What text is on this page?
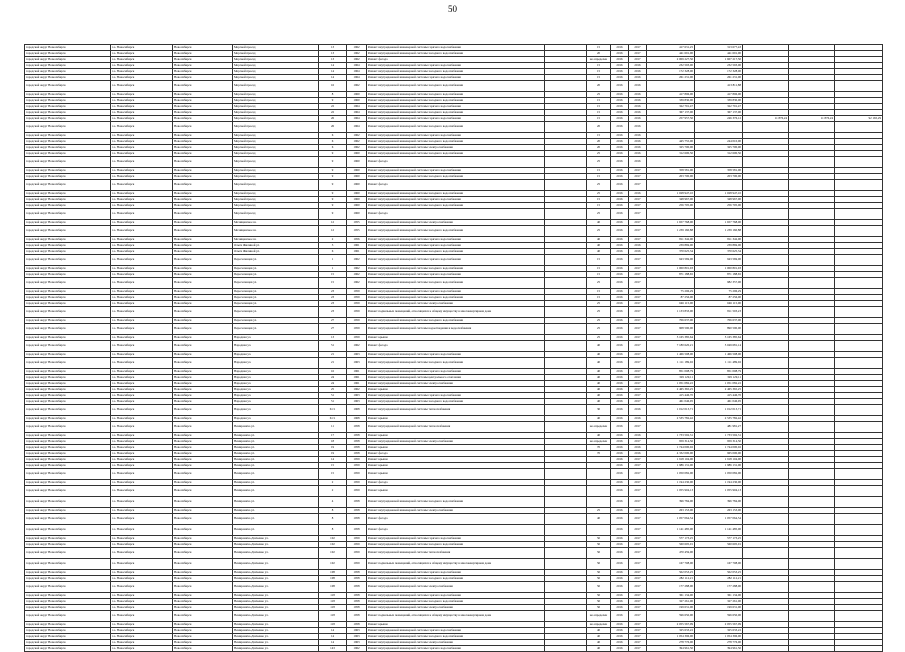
50
городской округ Новосибирск	г.о. Новосибирск	Новосибирск	Морской проезд	13	1962	Ремонт внутридомовой инженерной системы горячего водоснабжения		15	2016	2017	417 631,25	313 677,43			
городской округ Новосибирск	г.о. Новосибирск	Новосибирск	Морской проезд	13	1962	Ремонт внутридомовой инженерной системы холодного водоснабжения		20	2016	2017	441 691,00	441 691,00			
городской округ Новосибирск	г.о. Новосибирск	Новосибирск	Морской проезд	13	1962	Ремонт фасада		не определен	2016	2017	2 009 227,50	1 607 217,50			
городской округ Новосибирск	г.о. Новосибирск	Новосибирск	Морской проезд	14	1964	Ремонт внутридомовой инженерной системы горячего водоснабжения		15	2016	2016	232 593,00	232 593,00			
городской округ Новосибирск	г.о. Новосибирск	Новосибирск	Морской проезд	14	1964	Ремонт внутридомовой инженерной системы холодного водоснабжения		15	2016	2016	172 328,00	172 328,00			
городской округ Новосибирск	г.о. Новосибирск	Новосибирск	Морской проезд	14	1964	Ремонт внутридомовой инженерной системы горячего водоснабжения		15	2016	2016	261 231,00	261 231,00			
городской округ Новосибирск	г.о. Новосибирск	Новосибирск	Морской проезд	16	1962	Ремонт внутридомовой инженерной системы холодного водоснабжения		20	2016	2016		413 811,88			
городской округ Новосибирск	г.о. Новосибирск	Новосибирск	Морской проезд	8	1960	Ремонт внутридомовой инженерной системы холодного водоснабжения		25	2016	2016	417 896,00	417 896,00			
городской округ Новосибирск	г.о. Новосибирск	Новосибирск	Морской проезд	9	1960	Ремонт внутридомовой инженерной системы холодного водоснабжения		15	2016	2016	339 830,00	339 830,00			
городской округ Новосибирск	г.о. Новосибирск	Новосибирск	Морской проезд	22	1964	Ремонт внутридомовой инженерной системы горячего водоснабжения		15	2016	2016	322 791,47	322 791,47			
городской округ Новосибирск	г.о. Новосибирск	Новосибирск	Морской проезд	22	1964	Ремонт внутридомовой инженерной системы холодного водоснабжения		15	2016	2016	367 137,00	367 137,00			
городской округ Новосибирск	г.о. Новосибирск	Новосибирск	Морской проезд	26	1964	Ремонт внутридомовой инженерной системы горячего водоснабжения		15	2016	2016	257 957,50	246 376,12	11 876,24	11 876,24	92 165,29
городской округ Новосибирск	г.о. Новосибирск	Новосибирск	Морской проезд	26	1964	Ремонт внутридомовой инженерной системы холодного водоснабжения		20	2016	2016					
городской округ Новосибирск	г.о. Новосибирск	Новосибирск	Морской проезд	6	1962	Ремонт внутридомовой инженерной системы горячего водоснабжения		15	2016	2016					
городской округ Новосибирск	г.о. Новосибирск	Новосибирск	Морской проезд	6	1962	Ремонт внутридомовой инженерной системы холодного водоснабжения		20	2016	2016	445 755,00	244 010,00			
городской округ Новосибирск	г.о. Новосибирск	Новосибирск	Морской проезд	6	1962	Ремонт внутридомовой инженерной системы электроснабжения		20	2016	2016	325 700,00	325 700,00			
городской округ Новосибирск	г.о. Новосибирск	Новосибирск	Морской проезд	9	1960	Ремонт внутридомовой инженерной системы холодного водоснабжения		25	2016	2016	312 600,50	312 600,50			
городской округ Новосибирск	г.о. Новосибирск	Новосибирск	Морской проезд	9	1960	Ремонт фасада		25	2016	2016					
городской округ Новосибирск	г.о. Новосибирск	Новосибирск	Морской проезд	9	1960	Ремонт внутридомовой инженерной системы горячего водоснабжения		15	2016	2017	358 581,00	358 581,00			
городской округ Новосибирск	г.о. Новосибирск	Новосибирск	Морской проезд	9	1960	Ремонт внутридомовой инженерной системы холодного водоснабжения		15	2016	2017	203 700,00	203 700,00			
городской округ Новосибирск	г.о. Новосибирск	Новосибирск	Морской проезд	9	1960	Ремонт фасада		25	2016	2017					
городской округ Новосибирск	г.о. Новосибирск	Новосибирск	Морской проезд	9	1960	Ремонт внутридомовой инженерной системы холодного водоснабжения		25	2016	2016	1 028 947,10	1 028 947,10			
городской округ Новосибирск	г.о. Новосибирск	Новосибирск	Морской проезд	9	1960	Ремонт внутридомовой инженерной системы горячего водоснабжения		15	2016	2017	348 967,00	348 967,00			
городской округ Новосибирск	г.о. Новосибирск	Новосибирск	Морской проезд	9	1960	Ремонт внутридомовой инженерной системы холодного водоснабжения		15	2016	2017	256 705,00	256 705,00			
городской округ Новосибирск	г.о. Новосибирск	Новосибирск	Морской проезд	9	1960	Ремонт фасада		25	2016	2017					
городской округ Новосибирск	г.о. Новосибирск	Новосибирск	Мочищенское ш.	12	1955	Ремонт внутридомовой инженерной системы электроснабжения		40	2016	2017	1 657 768,00	1 657 768,00			
городской округ Новосибирск	г.о. Новосибирск	Новосибирск	Мочищенское ш.	12	1955	Ремонт внутридомовой инженерной системы холодного водоснабжения		25	2016	2017	1 239 160,88	1 239 160,88			
городской округ Новосибирск	г.о. Новосибирск	Новосибирск	Мочищенское ш.	2	1956	Ремонт внутридомовой инженерной системы горячего водоснабжения		40	2016	2017	811 342,00	811 342,00			
городской округ Новосибирск	г.о. Новосибирск	Новосибирск	Ольги Жилиной ул.	3	1961	Ремонт внутридомовой инженерной системы горячего водоснабжения		40	2016	2016	239 869,00	239 869,00			
городской округ Новосибирск	г.о. Новосибирск	Новосибирск	Ольги Жилиной ул.	6	1961	Ремонт внутридомовой инженерной системы холодного водоснабжения		40	2016	2016	370 625,34	370 625,34			
городской округ Новосибирск	г.о. Новосибирск	Новосибирск	Переселенцев ул.	1	1962	Ремонт внутридомовой инженерной системы горячего водоснабжения		15	2016	2017	943 569,00	943 569,00			
городской округ Новосибирск	г.о. Новосибирск	Новосибирск	Переселенцев ул.	1	1962	Ремонт внутридомовой инженерной системы холодного водоснабжения		15	2016	2017	1 000 801,93	1 000 801,93			
городской округ Новосибирск	г.о. Новосибирск	Новосибирск	Переселенцев ул.	15	1962	Ремонт внутридомовой инженерной системы горячего водоснабжения		15	2016	2017	871 188,65	871 188,65			
городской округ Новосибирск	г.о. Новосибирск	Новосибирск	Переселенцев ул.	15	1962	Ремонт внутридомовой инженерной системы холодного водоснабжения		25	2016	2017		982 357,00			
городской округ Новосибирск	г.о. Новосибирск	Новосибирск	Переселенцев ул.	23	1959	Ремонт внутридомовой инженерной системы горячего водоснабжения		15	2016	2017	75 296,29	75 296,29			
городской округ Новосибирск	г.о. Новосибирск	Новосибирск	Переселенцев ул.	23	1959	Ремонт внутридомовой инженерной системы холодного водоснабжения		15	2016	2017	87 256,00	87 256,00			
городской округ Новосибирск	г.о. Новосибирск	Новосибирск	Переселенцев ул.	23	1959	Ремонт внутридомовой инженерной системы электроснабжения		25	2016	2017	646 115,00	646 115,00			
городской округ Новосибирск	г.о. Новосибирск	Новосибирск	Переселенцев ул.	23	1959	Ремонт подвальных помещений, относящихся к общему имуществу в многоквартирном доме		25	2016	2017	1 133 833,00	811 503,23			
городской округ Новосибирск	г.о. Новосибирск	Новосибирск	Переселенцев ул.	27	1959	Ремонт внутридомовой инженерной системы холодного водоснабжения		25	2016	2017	706 637,00	706 637,00			
городской округ Новосибирск	г.о. Новосибирск	Новосибирск	Переселенцев ул.	27	1959	Ремонт внутридомовой инженерной системы водоотведения и водоснабжения		25	2016	2017	908 590,00	890 590,00			
городской округ Новосибирск	г.о. Новосибирск	Новосибирск	Народная ул.	13	1959	Ремонт крыши		25	2016	2017	5 165 385,64	5 165 385,64			
городской округ Новосибирск	г.о. Новосибирск	Новосибирск	Народная ул.	51	1962	Ремонт фасада		40	2016	2017	7 180 620,21	5 049 681,14			
городской округ Новосибирск	г.о. Новосибирск	Новосибирск	Народная ул.	21	1963	Ремонт внутридомовой инженерной системы горячего водоснабжения		40	2016	2017	1 466 508,00	1 466 508,00			
городской округ Новосибирск	г.о. Новосибирск	Новосибирск	Народная ул.	21	1963	Ремонт внутридомовой инженерной системы холодного водоснабжения		40	2016	2017	1 111 189,02	1 111 489,02			
городской округ Новосибирск	г.о. Новосибирск	Новосибирск	Народная ул.	16	1961	Ремонт внутридомовой инженерной системы горячего водоснабжения		40	2016	2017	851 008,79	851 008,79			
городской округ Новосибирск	г.о. Новосибирск	Новосибирск	Народная ул.	24	1961	Ремонт внутридомовой инженерной системы центрального отопления		40	2016	2017	329 129,11	329 129,11			
городской округ Новосибирск	г.о. Новосибирск	Новосибирск	Народная ул.	24	1961	Ремонт внутридомовой инженерной системы электроснабжения		40	2016	2017	1 051 082,22	1 051 082,22			
городской округ Новосибирск	г.о. Новосибирск	Новосибирск	Народная ул.	25	1962	Ремонт крыши		40	2016	2017	2 465 365,25	2 465 365,25			
городской округ Новосибирск	г.о. Новосибирск	Новосибирск	Народная ул.	51	1963	Ремонт внутридомовой инженерной системы горячего водоснабжения		40	2016	2017	415 446,70	415 446,70			
городской округ Новосибирск	г.о. Новосибирск	Новосибирск	Народная ул.	51	1963	Ремонт внутридомовой инженерной системы холодного водоснабжения		40	2016	2017	461 046,95	461 046,95			
городской округ Новосибирск	г.о. Новосибирск	Новосибирск	Народная ул.	61/1	1968	Ремонт внутридомовой инженерной системы теплоснабжения		30	2016	2016	1 012 013,71	1 012 013,71			
городской округ Новосибирск	г.о. Новосибирск	Новосибирск	Народная ул.	61/1	1968	Ремонт крыши		40	2016	2016	2 535 782,42	2 535 782,42			
городской округ Новосибирск	г.о. Новосибирск	Новосибирск	Немировича ул.	11	1958	Ремонт внутридомовой инженерной системы теплоснабжения		не определен	2016	2017		481 981,27			
городской округ Новосибирск	г.о. Новосибирск	Новосибирск	Немировича ул.	17	1958	Ремонт крыши		40	2016	2016	1 733 592,31	1 733 592,31			
городской округ Новосибирск	г.о. Новосибирск	Новосибирск	Немировича ул.	18	1958	Ремонт внутридомовой инженерной системы электроснабжения		не определен	2016	2017	959 314,50	959 314,50			
городской округ Новосибирск	г.о. Новосибирск	Новосибирск	Немировича ул.	19	1958	Ремонт крыши		70	2016	2016	1 744 000,02	1 744 000,02			
городской округ Новосибирск	г.о. Новосибирск	Новосибирск	Немировича ул.	19	1958	Ремонт фасада		70	2016	2016	4 332 000,00	965 000,00			
городской округ Новосибирск	г.о. Новосибирск	Новосибирск	Немировича ул.	14	1959	Ремонт крыши			2016	2017	1 918 104,00	1 918 104,00			
городской округ Новосибирск	г.о. Новосибирск	Новосибирск	Немировича ул.	15	1959	Ремонт крыши			2016	2017	1 986 131,00	1 986 131,00			
городской округ Новосибирск	г.о. Новосибирск	Новосибирск	Немировича ул.	15	1959	Ремонт крыши			2016	2017	1 050 082,00	1 050 082,00			
городской округ Новосибирск	г.о. Новосибирск	Новосибирск	Немировича ул.	2	1959	Ремонт фасада			2016	2017	1 194 230,00	1 194 230,00			
городской округ Новосибирск	г.о. Новосибирск	Новосибирск	Немировича ул.	2	1959	Ремонт крыши			2016	2017	1 055 904,13	1 055 904,13			
городской округ Новосибирск	г.о. Новосибирск	Новосибирск	Немировича ул.	4	1958	Ремонт внутридомовой инженерной системы холодного водоснабжения			2016	2017	396 784,00	396 784,00			
городской округ Новосибирск	г.о. Новосибирск	Новосибирск	Немировича ул.	8	1958	Ремонт внутридомовой инженерной системы электроснабжения		25	2016	2017	263 153,00	263 153,00			
городской округ Новосибирск	г.о. Новосибирск	Новосибирск	Немировича ул.	8	1958	Ремонт фасада		40	2016	2017	1 057 064,54	1 057 064,54			
городской округ Новосибирск	г.о. Новосибирск	Новосибирск	Немировича ул.	8	1958	Ремонт фасада			2016	2017	1 141 485,00	1 141 485,00			
городской округ Новосибирск	г.о. Новосибирск	Новосибирск	Немировича-Данченко ул.	102	1959	Ремонт внутридомовой инженерной системы горячего водоснабжения		50	2016	2017	577 173,25	577 173,25			
городской округ Новосибирск	г.о. Новосибирск	Новосибирск	Немировича-Данченко ул.	102	1959	Ремонт внутридомовой инженерной системы холодного водоснабжения		50	2016	2017	560 605,01	560 605,01			
городской округ Новосибирск	г.о. Новосибирск	Новосибирск	Немировича-Данченко ул.	102	1959	Ремонт внутридомовой инженерной системы теплоснабжения		50	2016	2017	470 459,00				
городской округ Новосибирск	г.о. Новосибирск	Новосибирск	Немировича-Данченко ул.	102	1959	Ремонт подвальных помещений, относящихся к общему имуществу в многоквартирном доме		50	2016	2017	167 708,00	167 708,00			
городской округ Новосибирск	г.о. Новосибирск	Новосибирск	Немировича-Данченко ул.	108	1958	Ремонт внутридомовой инженерной системы горячего водоснабжения		50	2016	2017	502 053,25	502 053,25			
городской округ Новосибирск	г.о. Новосибирск	Новосибирск	Немировича-Данченко ул.	108	1958	Ремонт внутридомовой инженерной системы холодного водоснабжения		50	2016	2017	282 112,21	282 112,21			
городской округ Новосибирск	г.о. Новосибирск	Новосибирск	Немировича-Данченко ул.	108	1958	Ремонт внутридомовой инженерной системы электроснабжения		50	2016	2017	177 288,00	177 288,00			
городской округ Новосибирск	г.о. Новосибирск	Новосибирск	Немировича-Данченко ул.	118	1958	Ремонт внутридомовой инженерной системы горячего водоснабжения		50	2016	2017	361 134,00	361 134,00			
городской округ Новосибирск	г.о. Новосибирск	Новосибирск	Немировича-Данченко ул.	118	1958	Ремонт внутридомовой инженерной системы холодного водоснабжения		50	2016	2017	327 261,00	327 261,00			
городской округ Новосибирск	г.о. Новосибирск	Новосибирск	Немировича-Данченко ул.	118	1958	Ремонт внутридомовой инженерной системы электроснабжения		50	2016	2017	199 631,00	199 631,00			
городской округ Новосибирск	г.о. Новосибирск	Новосибирск	Немировича-Данченко ул.	118	1958	Ремонт подвальных помещений, относящихся к общему имуществу в многоквартирном доме		не определен	2016	2017	596 650,00	596 650,00			
городской округ Новосибирск	г.о. Новосибирск	Новосибирск	Немировича-Данченко ул.	118	1958	Ремонт крыши		не определен	2016	2017	2 055 567,09	2 055 567,09			
городской округ Новосибирск	г.о. Новосибирск	Новосибирск	Немировича-Данченко ул.	14	1963	Ремонт внутридомовой инженерной системы горячего водоснабжения		40	2016	2017	325 633,22	325 633,22			
городской округ Новосибирск	г.о. Новосибирск	Новосибирск	Немировича-Данченко ул.	14	1963	Ремонт внутридомовой инженерной системы холодного водоснабжения		40	2016	2017	1 054 396,00	1 054 396,00			
городской округ Новосибирск	г.о. Новосибирск	Новосибирск	Немировича-Данченко ул.	14	1963	Ремонт внутридомовой инженерной системы электроснабжения		40	2016	2017	278 776,00	278 776,00			
городской округ Новосибирск	г.о. Новосибирск	Новосибирск	Немировича-Данченко ул.	143	1962	Ремонт внутридомовой инженерной системы горячего водоснабжения		40	2016	2017	394 961,50	394 961,50			
